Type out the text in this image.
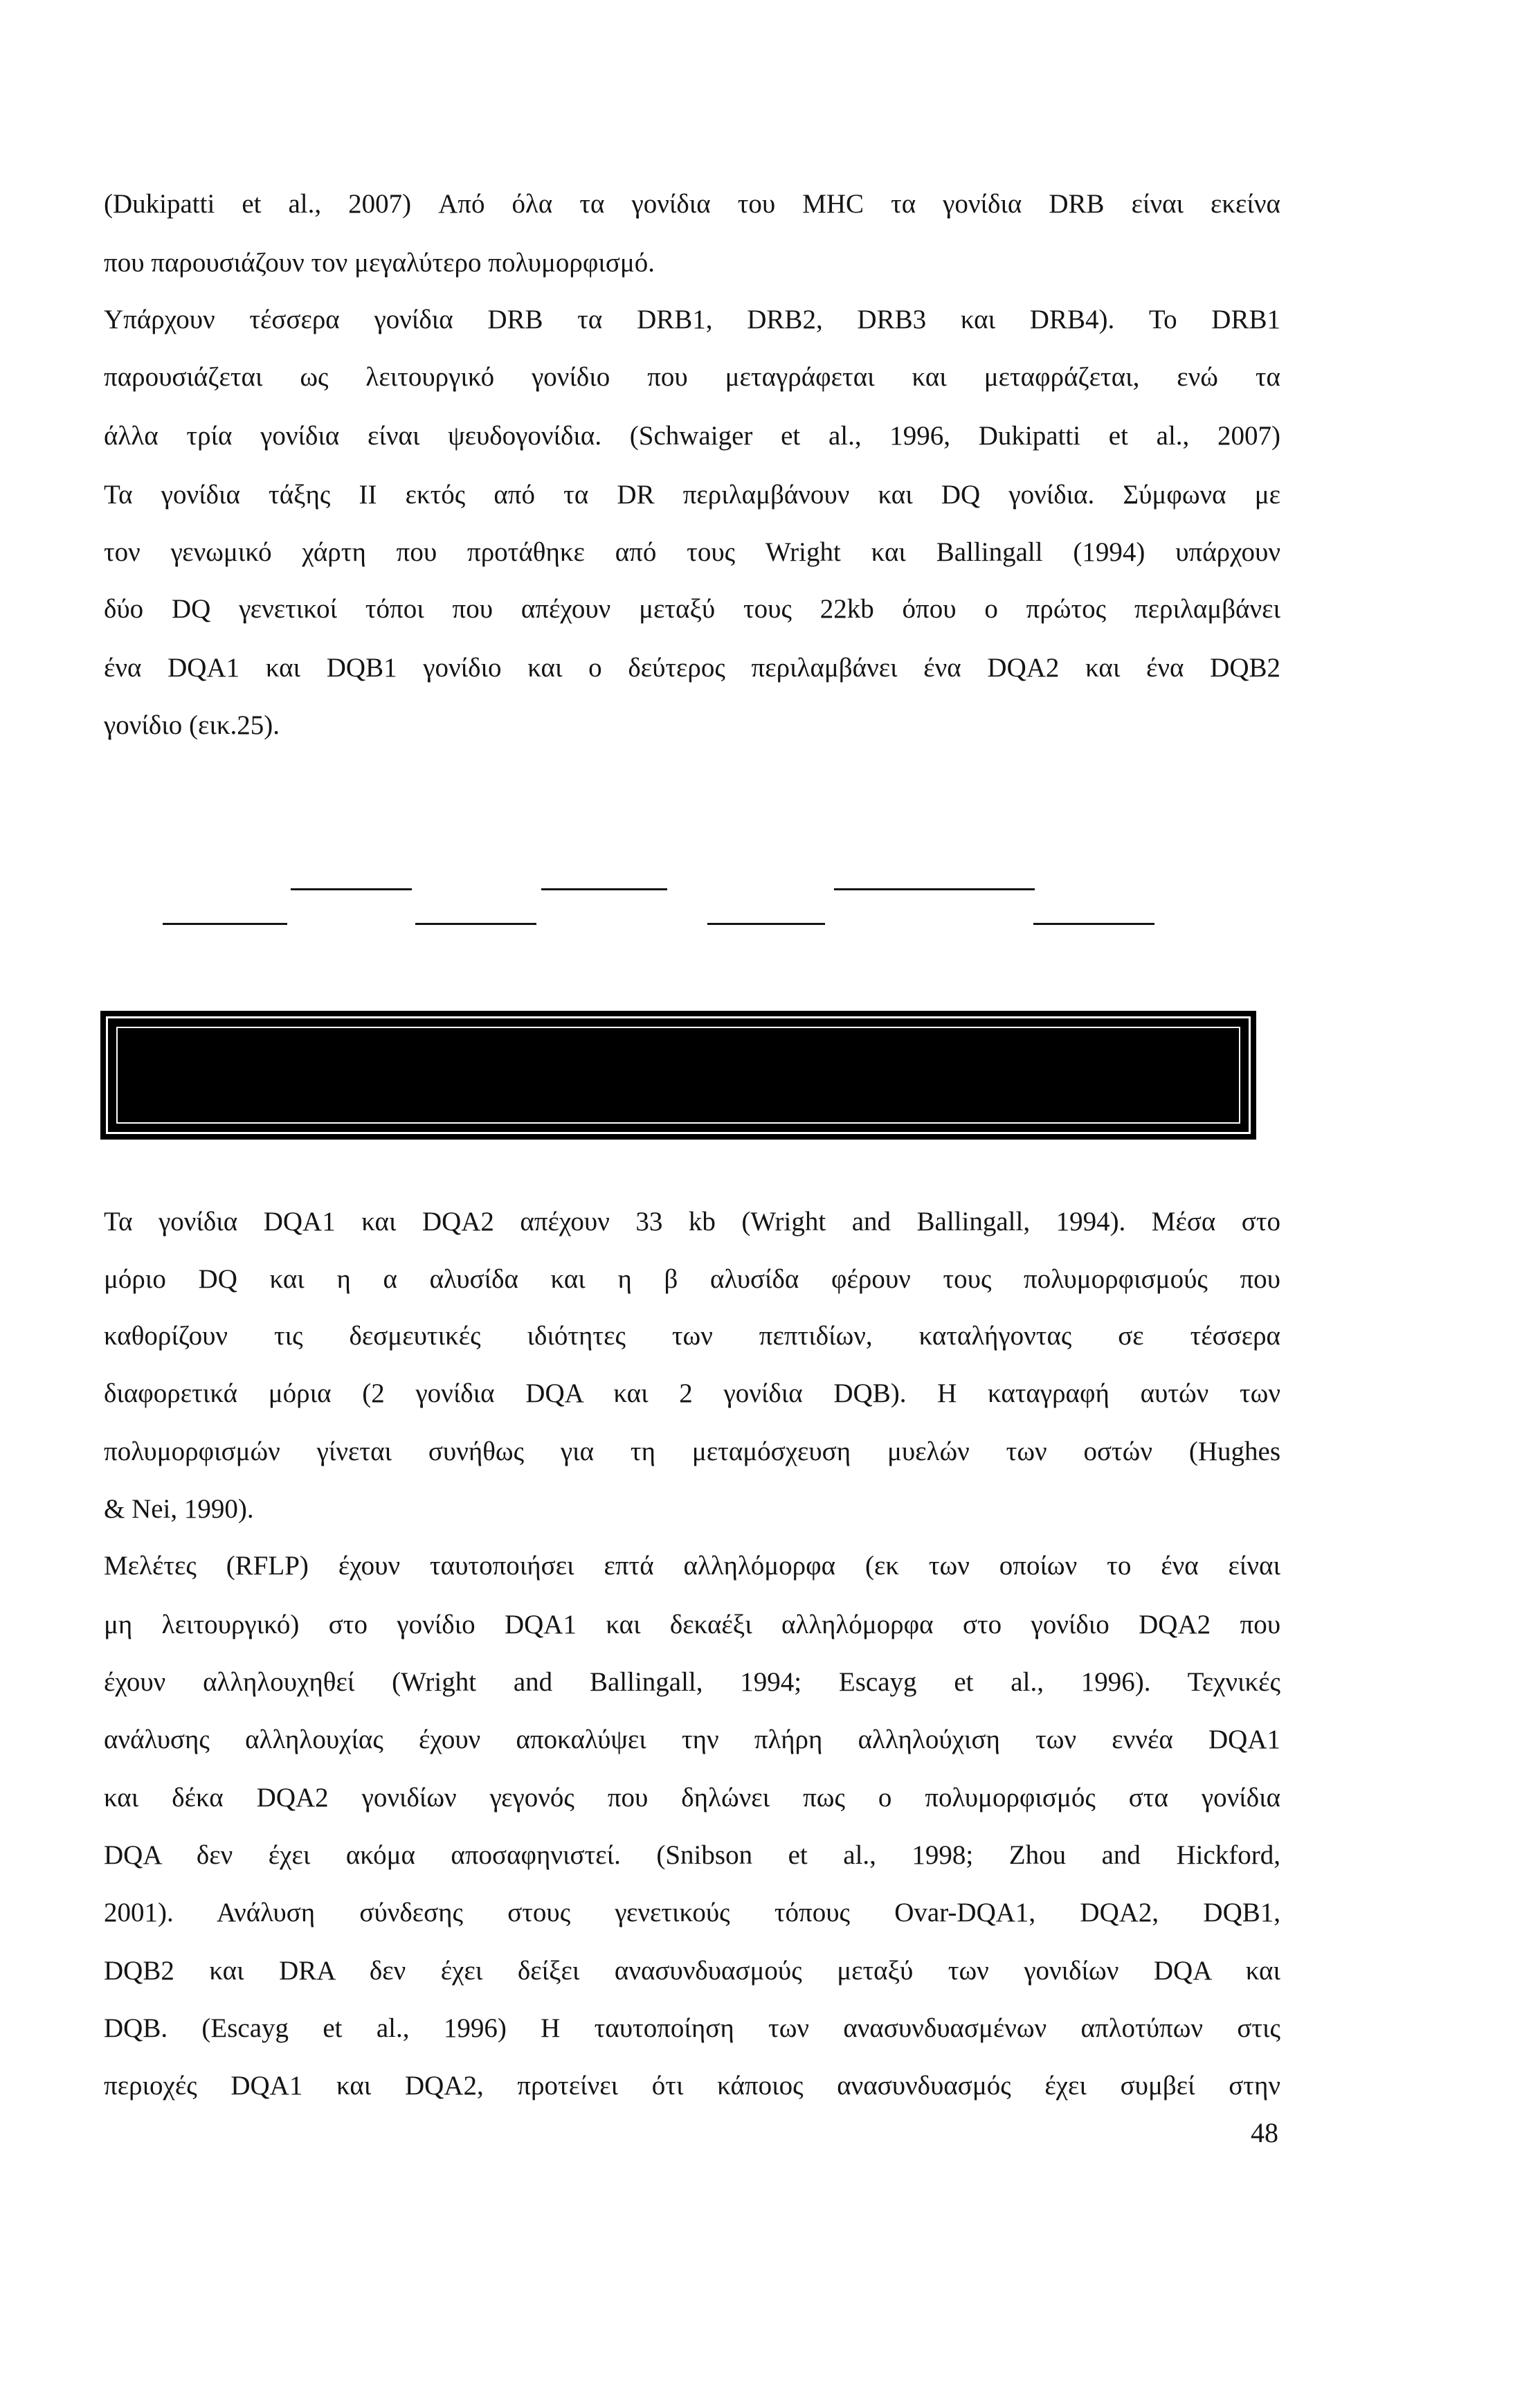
(Dukipatti et al., 2007) Από όλα τα γονίδια του MHC τα γονίδια DRB είναι εκείνα
που παρουσιάζουν τον μεγαλύτερο πολυμορφισμό.
Υπάρχουν τέσσερα γονίδια DRB τα DRB1, DRB2, DRB3 και DRB4). Το DRB1
παρουσιάζεται ως λειτουργικό γονίδιο που μεταγράφεται και μεταφράζεται, ενώ τα
άλλα τρία γονίδια είναι ψευδογονίδια. (Schwaiger et al., 1996, Dukipatti et al., 2007)
Τα γονίδια τάξης II εκτός από τα DR περιλαμβάνουν και DQ γονίδια. Σύμφωνα με
τον γενωμικό χάρτη που προτάθηκε από τους Wright και Ballingall (1994) υπάρχουν
δύο DQ γενετικοί τόποι που απέχουν μεταξύ τους 22kb όπου ο πρώτος περιλαμβάνει
ένα DQA1 και DQB1 γονίδιο και ο δεύτερος περιλαμβάνει ένα DQA2 και ένα DQB2
γονίδιο (εικ.25).
Τα γονίδια DQA1 και DQA2 απέχουν 33 kb (Wright and Ballingall, 1994). Μέσα στο
μόριο DQ και η α αλυσίδα και η β αλυσίδα φέρουν τους πολυμορφισμούς που
καθορίζουν τις δεσμευτικές ιδιότητες των πεπτιδίων, καταλήγοντας σε τέσσερα
διαφορετικά μόρια (2 γονίδια DQA και 2 γονίδια DQB). Η καταγραφή αυτών των
πολυμορφισμών γίνεται συνήθως για τη μεταμόσχευση μυελών των οστών (Hughes
& Nei, 1990).
Μελέτες (RFLP) έχουν ταυτοποιήσει επτά αλληλόμορφα (εκ των οποίων το ένα είναι
μη λειτουργικό) στο γονίδιο DQA1 και δεκαέξι αλληλόμορφα στο γονίδιο DQA2 που
έχουν αλληλουχηθεί (Wright and Ballingall, 1994; Escayg et al., 1996). Τεχνικές
ανάλυσης αλληλουχίας έχουν αποκαλύψει την πλήρη αλληλούχιση των εννέα DQA1
και δέκα DQA2 γονιδίων γεγονός που δηλώνει πως ο πολυμορφισμός στα γονίδια
DQA δεν έχει ακόμα αποσαφηνιστεί. (Snibson et al., 1998; Zhou and Hickford,
2001). Ανάλυση σύνδεσης στους γενετικούς τόπους Ovar-DQA1, DQA2, DQB1,
DQB2 και DRA δεν έχει δείξει ανασυνδυασμούς μεταξύ των γονιδίων DQA και
DQB. (Escayg et al., 1996) Η ταυτοποίηση των ανασυνδυασμένων απλοτύπων στις
περιοχές DQA1 και DQA2, προτείνει ότι κάποιος ανασυνδυασμός έχει συμβεί στην
48
